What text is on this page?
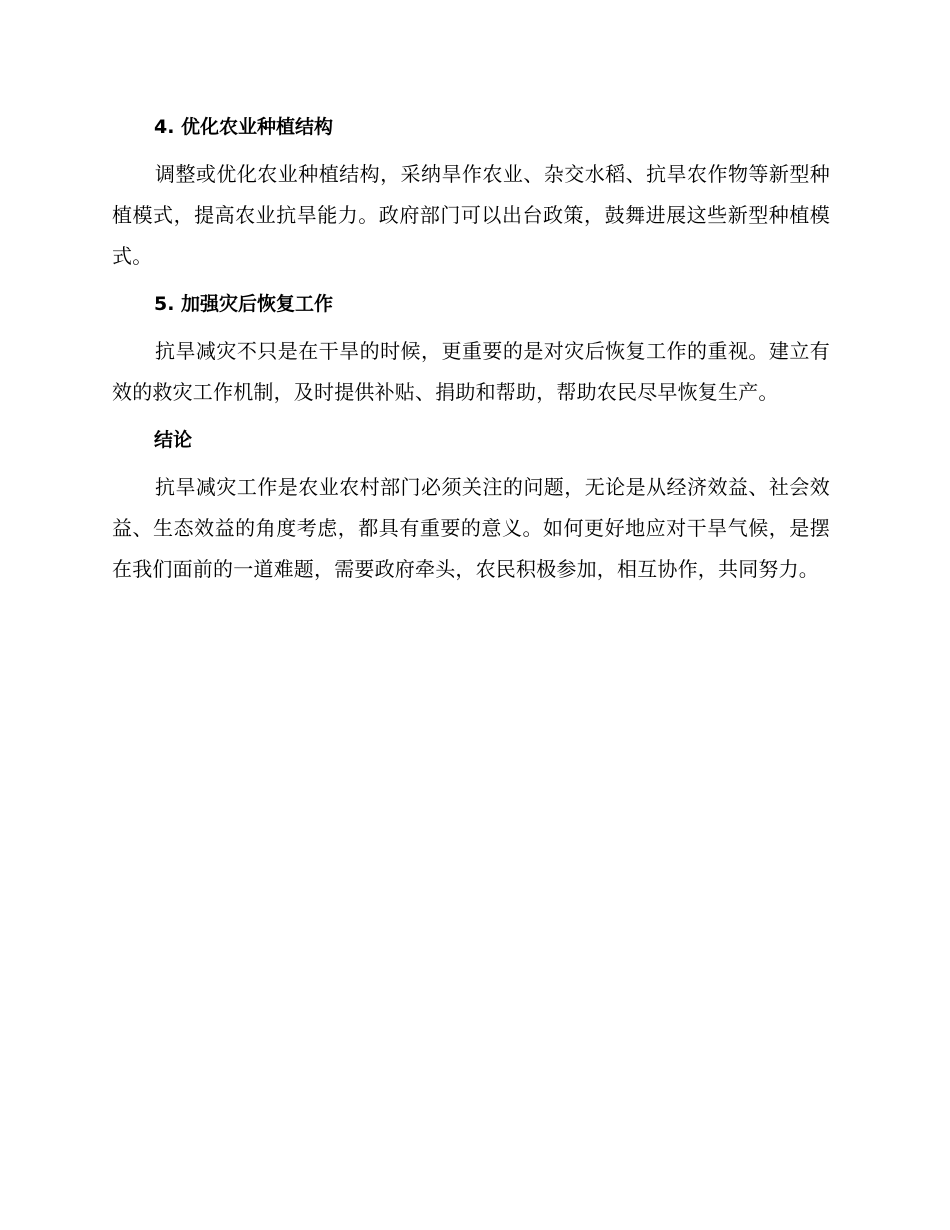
4. 优化农业种植结构

调整或优化农业种植结构，采纳旱作农业、杂交水稻、抗旱农作物等新型种植模式，提高农业抗旱能力。政府部门可以出台政策，鼓舞进展这些新型种植模式。

5. 加强灾后恢复工作

抗旱减灾不只是在干旱的时候，更重要的是对灾后恢复工作的重视。建立有效的救灾工作机制，及时提供补贴、捐助和帮助，帮助农民尽早恢复生产。

结论

抗旱减灾工作是农业农村部门必须关注的问题，无论是从经济效益、社会效益、生态效益的角度考虑，都具有重要的意义。如何更好地应对干旱气候，是摆在我们面前的一道难题，需要政府牵头，农民积极参加，相互协作，共同努力。
